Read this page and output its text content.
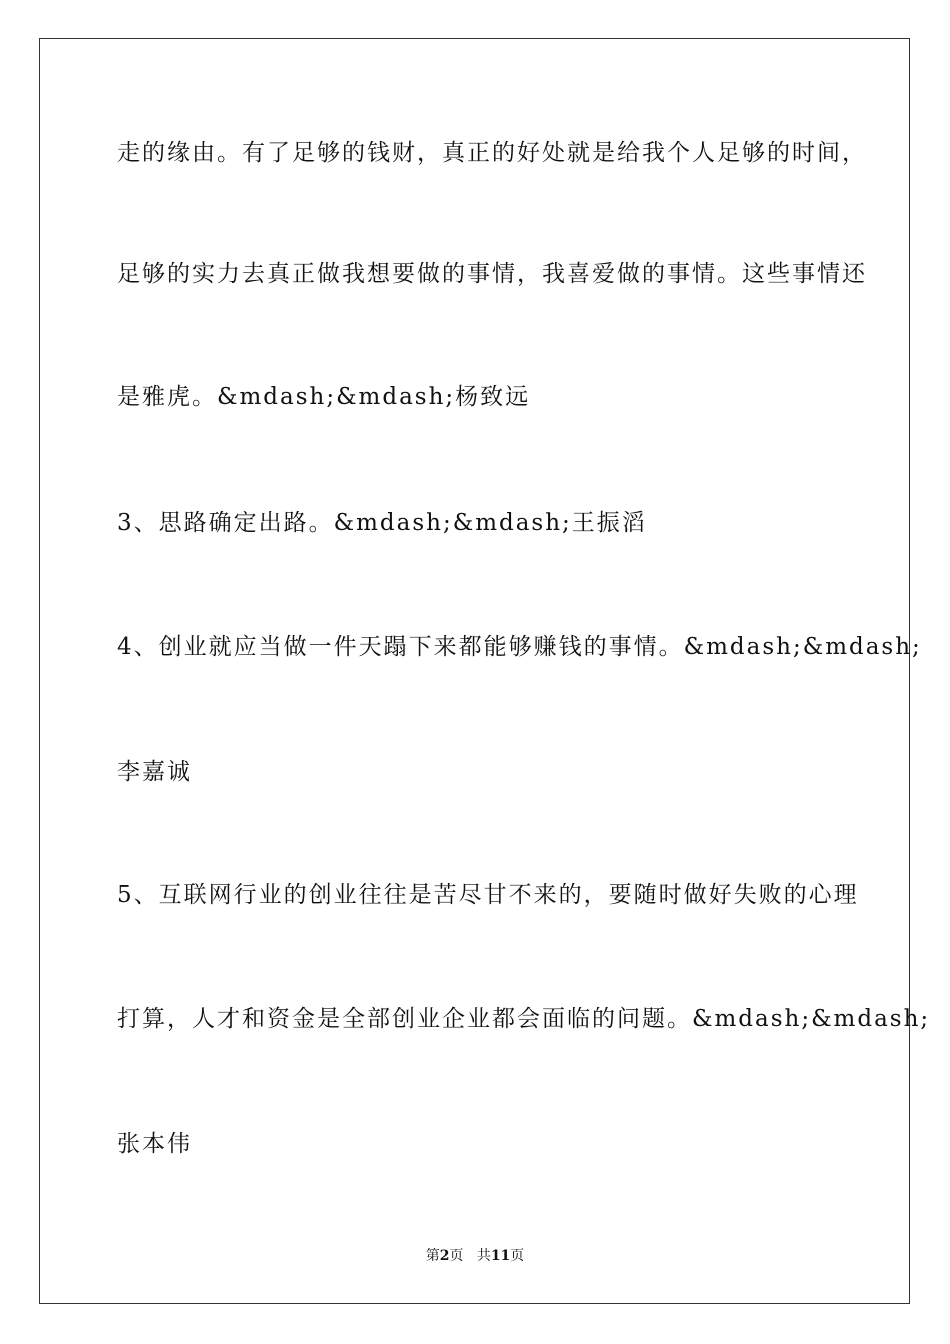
走的缘由。有了足够的钱财，真正的好处就是给我个人足够的时间，
足够的实力去真正做我想要做的事情，我喜爱做的事情。这些事情还
是雅虎。&mdash;&mdash;杨致远
3、思路确定出路。&mdash;&mdash;王振滔
4、创业就应当做一件天蹋下来都能够赚钱的事情。&mdash;&mdash;
李嘉诚
5、互联网行业的创业往往是苦尽甘不来的，要随时做好失败的心理
打算，人才和资金是全部创业企业都会面临的问题。&mdash;&mdash;
张本伟
第2页 共11页
